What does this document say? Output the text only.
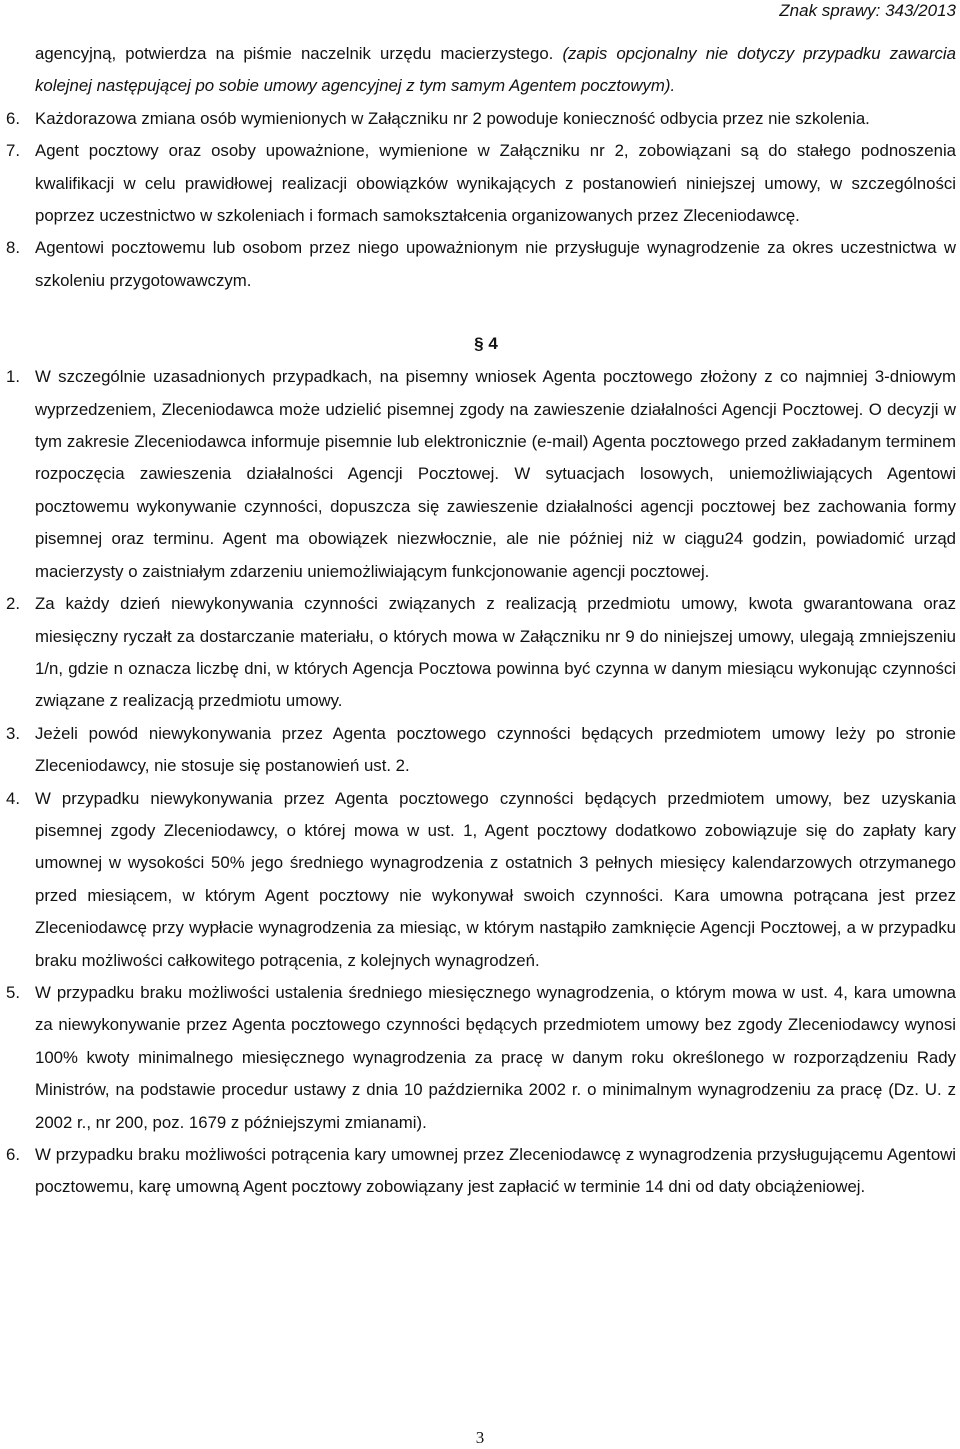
Znak sprawy: 343/2013
agencyjną, potwierdza na piśmie naczelnik urzędu macierzystego. (zapis opcjonalny nie dotyczy przypadku zawarcia kolejnej następującej po sobie umowy agencyjnej z tym samym Agentem pocztowym).
6. Każdorazowa zmiana osób wymienionych w Załączniku nr 2 powoduje konieczność odbycia przez nie szkolenia.
7. Agent pocztowy oraz osoby upoważnione, wymienione w Załączniku nr 2, zobowiązani są do stałego podnoszenia kwalifikacji w celu prawidłowej realizacji obowiązków wynikających z postanowień niniejszej umowy, w szczególności poprzez uczestnictwo w szkoleniach i formach samokształcenia organizowanych przez Zleceniodawcę.
8. Agentowi pocztowemu lub osobom przez niego upoważnionym nie przysługuje wynagrodzenie za okres uczestnictwa w szkoleniu przygotowawczym.
§ 4
1. W szczególnie uzasadnionych przypadkach, na pisemny wniosek Agenta pocztowego złożony z co najmniej 3-dniowym wyprzedzeniem, Zleceniodawca może udzielić pisemnej zgody na zawieszenie działalności Agencji Pocztowej. O decyzji w tym zakresie Zleceniodawca informuje pisemnie lub elektronicznie (e-mail) Agenta pocztowego przed zakładanym terminem rozpoczęcia zawieszenia działalności Agencji Pocztowej. W sytuacjach losowych, uniemożliwiających Agentowi pocztowemu wykonywanie czynności, dopuszcza się zawieszenie działalności agencji pocztowej bez zachowania formy pisemnej oraz terminu. Agent ma obowiązek niezwłocznie, ale nie później niż w ciągu24 godzin, powiadomić urząd macierzysty o zaistniałym zdarzeniu uniemożliwiającym funkcjonowanie agencji pocztowej.
2. Za każdy dzień niewykonywania czynności związanych z realizacją przedmiotu umowy, kwota gwarantowana oraz miesięczny ryczałt za dostarczanie materiału, o których mowa w Załączniku nr 9 do niniejszej umowy, ulegają zmniejszeniu 1/n, gdzie n oznacza liczbę dni, w których Agencja Pocztowa powinna być czynna w danym miesiącu wykonując czynności związane z realizacją przedmiotu umowy.
3. Jeżeli powód niewykonywania przez Agenta pocztowego czynności będących przedmiotem umowy leży po stronie Zleceniodawcy, nie stosuje się postanowień ust. 2.
4. W przypadku niewykonywania przez Agenta pocztowego czynności będących przedmiotem umowy, bez uzyskania pisemnej zgody Zleceniodawcy, o której mowa w ust. 1, Agent pocztowy dodatkowo zobowiązuje się do zapłaty kary umownej w wysokości 50% jego średniego wynagrodzenia z ostatnich 3 pełnych miesięcy kalendarzowych otrzymanego przed miesiącem, w którym Agent pocztowy nie wykonywał swoich czynności. Kara umowna potrącana jest przez Zleceniodawcę przy wypłacie wynagrodzenia za miesiąc, w którym nastąpiło zamknięcie Agencji Pocztowej, a w przypadku braku możliwości całkowitego potrącenia, z kolejnych wynagrodzeń.
5. W przypadku braku możliwości ustalenia średniego miesięcznego wynagrodzenia, o którym mowa w ust. 4, kara umowna za niewykonywanie przez Agenta pocztowego czynności będących przedmiotem umowy bez zgody Zleceniodawcy wynosi 100% kwoty minimalnego miesięcznego wynagrodzenia za pracę w danym roku określonego w rozporządzeniu Rady Ministrów, na podstawie procedur ustawy z dnia 10 października 2002 r. o minimalnym wynagrodzeniu za pracę (Dz. U. z 2002 r., nr 200, poz. 1679 z późniejszymi zmianami).
6. W przypadku braku możliwości potrącenia kary umownej przez Zleceniodawcę z wynagrodzenia przysługującemu Agentowi pocztowemu, karę umowną Agent pocztowy zobowiązany jest zapłacić w terminie 14 dni od daty obciążeniowej.
3
